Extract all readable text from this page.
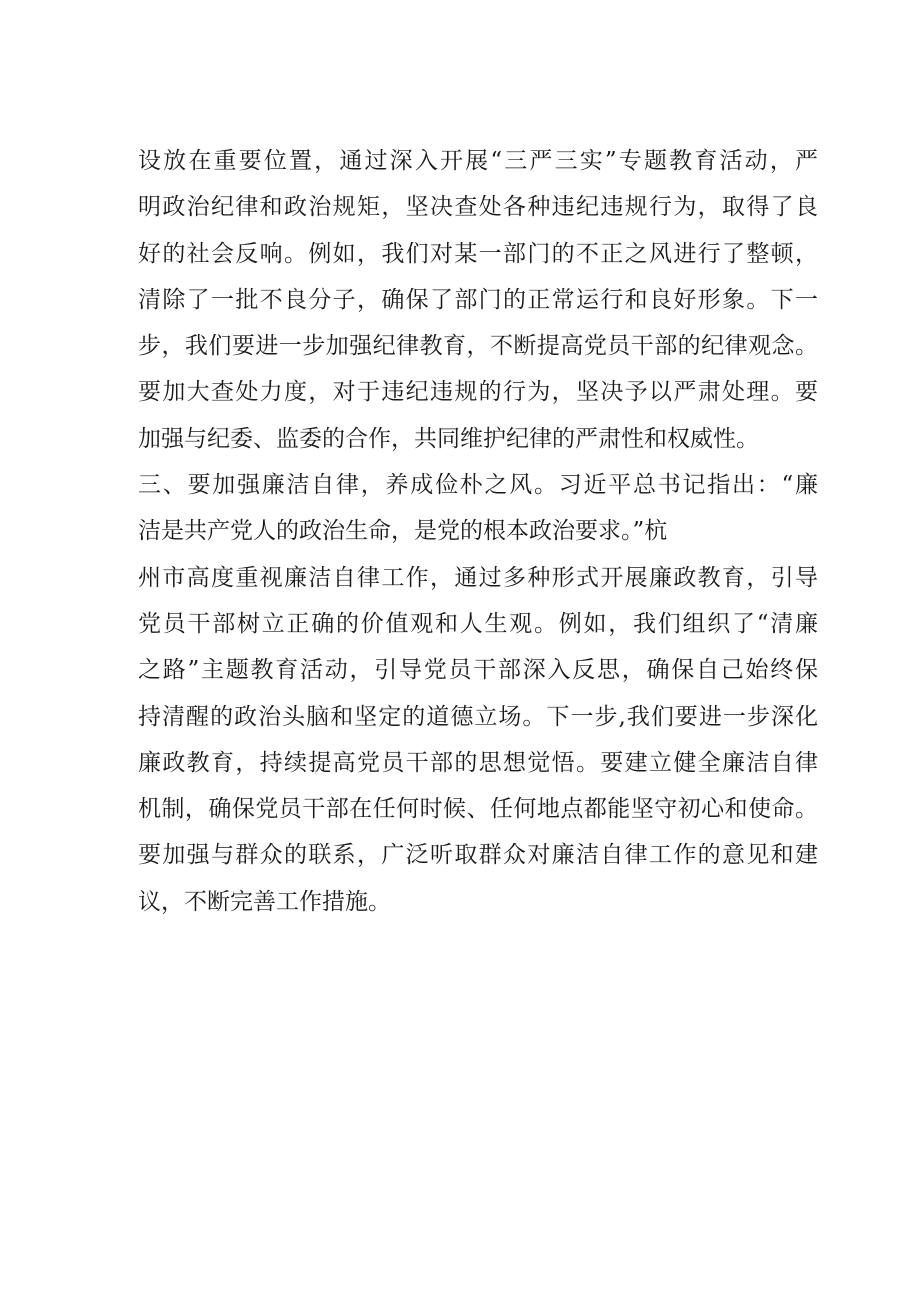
设放在重要位置，通过深入开展“三严三实”专题教育活动，严
明政治纪律和政治规矩，坚决查处各种违纪违规行为，取得了良
好的社会反响。例如，我们对某一部门的不正之风进行了整顿，
清除了一批不良分子，确保了部门的正常运行和良好形象。下一
步，我们要进一步加强纪律教育，不断提高党员干部的纪律观念。
要加大查处力度，对于违纪违规的行为，坚决予以严肃处理。要
加强与纪委、监委的合作，共同维护纪律的严肃性和权威性。
三、要加强廉洁自律，养成俭朴之风。习近平总书记指出：“廉
洁是共产党人的政治生命，是党的根本政治要求。”杭
州市高度重视廉洁自律工作，通过多种形式开展廉政教育，引导
党员干部树立正确的价值观和人生观。例如，我们组织了“清廉
之路”主题教育活动，引导党员干部深入反思，确保自己始终保
持清醒的政治头脑和坚定的道德立场。下一步,我们要进一步深化
廉政教育，持续提高党员干部的思想觉悟。要建立健全廉洁自律
机制，确保党员干部在任何时候、任何地点都能坚守初心和使命。
要加强与群众的联系，广泛听取群众对廉洁自律工作的意见和建
议，不断完善工作措施。
